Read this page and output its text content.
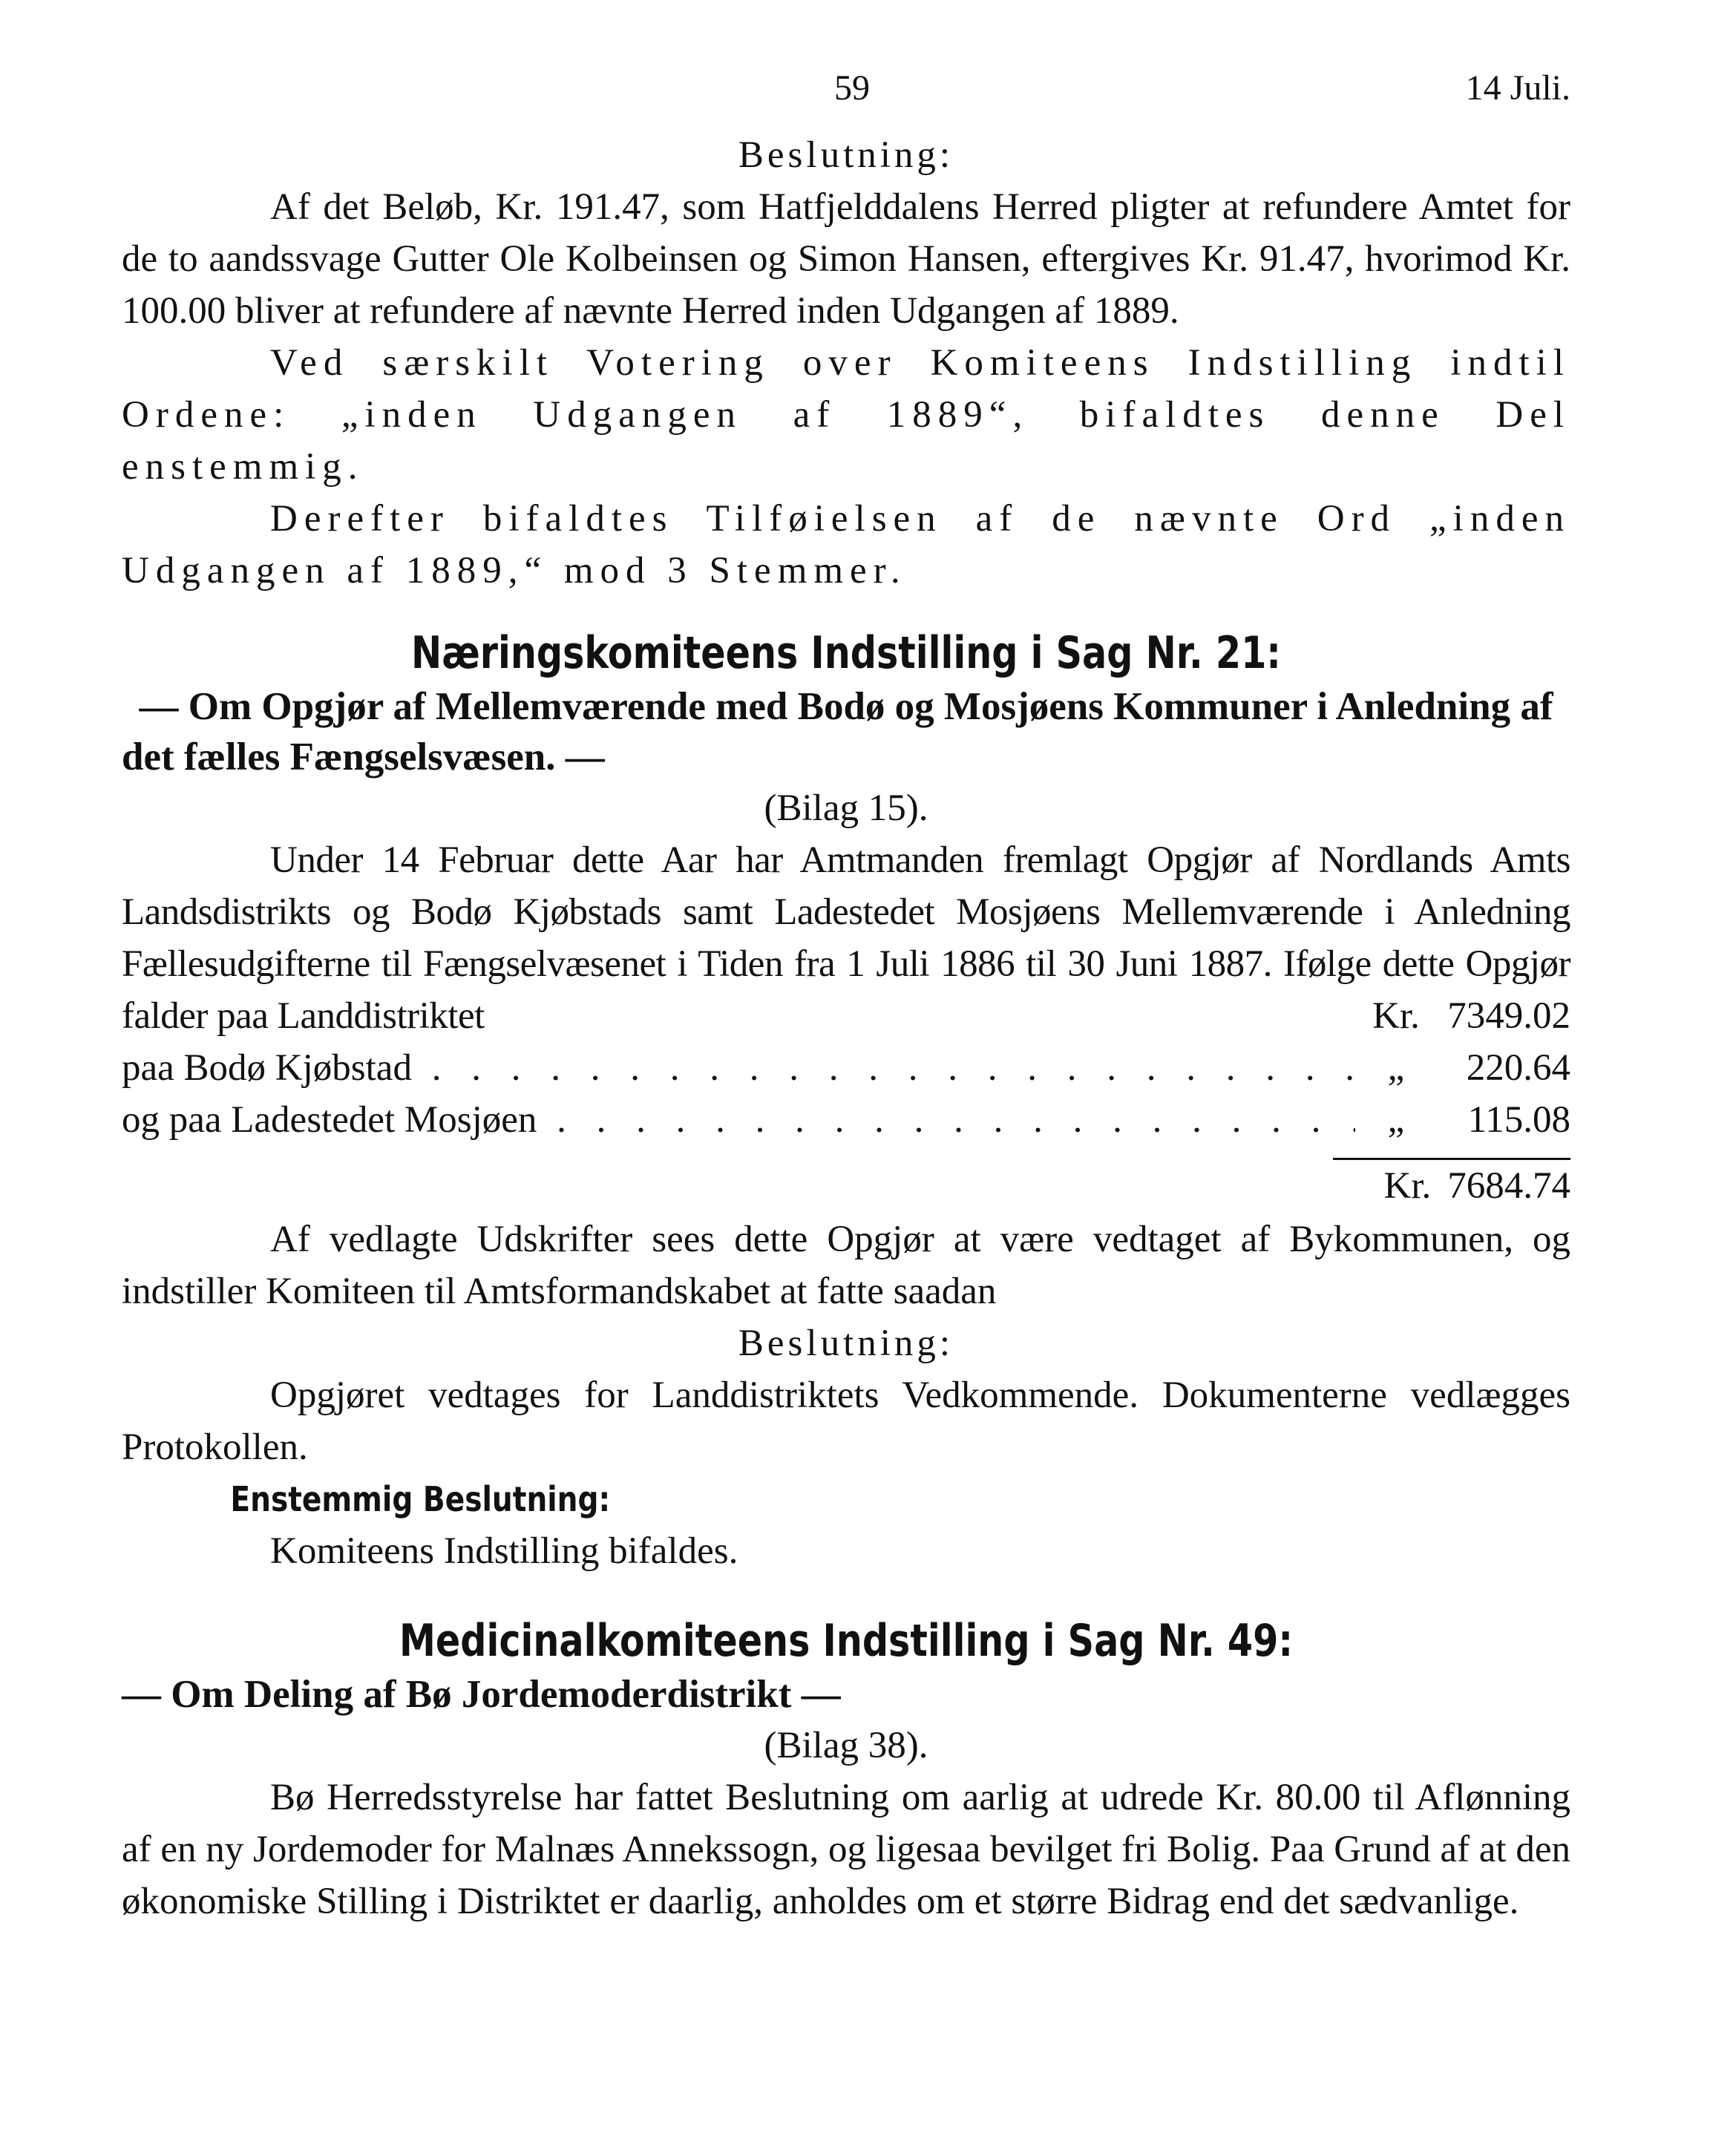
59	14 Juli.

Beslutning:

Af det Beløb, Kr. 191.47, som Hatfjelddalens Herred pligter at refundere Amtet for de to aandssvage Gutter Ole Kolbeinsen og Simon Hansen, eftergives Kr. 91.47, hvorimod Kr. 100.00 bliver at refundere af nævnte Herred inden Udgangen af 1889.

Ved særskilt Votering over Komiteens Indstilling indtil Ordene: „inden Udgangen af 1889“, bifaldtes denne Del enstemmig.

Derefter bifaldtes Tilføielsen af de nævnte Ord „inden Udgangen af 1889,“ mod 3 Stemmer.

Næringskomiteens Indstilling i Sag Nr. 21:

— Om Opgjør af Mellemværende med Bodø og Mosjøens Kommuner i Anledning af det fælles Fængselsvæsen. —

(Bilag 15).

Under 14 Februar dette Aar har Amtmanden fremlagt Opgjør af Nordlands Amts Landsdistrikts og Bodø Kjøbstads samt Ladestedet Mosjøens Mellemværende i Anledning Fællesudgifterne til Fængselvæsenet i Tiden fra 1 Juli 1886 til 30 Juni 1887. Ifølge dette Opgjør falder paa Landdistriktet	Kr. 7349.02
paa Bodø Kjøbstad . . .	„	220.64
og paa Ladestedet Mosjøen . . .	„	115.08
Kr. 7684.74

Af vedlagte Udskrifter sees dette Opgjør at være vedtaget af Bykommunen, og indstiller Komiteen til Amtsformandskabet at fatte saadan

Beslutning:

Opgjøret vedtages for Landdistriktets Vedkommende. Dokumenterne vedlægges Protokollen.

Enstemmig Beslutning:

Komiteens Indstilling bifaldes.

Medicinalkomiteens Indstilling i Sag Nr. 49:

— Om Deling af Bø Jordemoderdistrikt —

(Bilag 38).

Bø Herredsstyrelse har fattet Beslutning om aarlig at udrede Kr. 80.00 til Aflønning af en ny Jordemoder for Malnæs Annekssogn, og ligesaa bevilget fri Bolig. Paa Grund af at den økonomiske Stilling i Distriktet er daarlig, anholdes om et større Bidrag end det sædvanlige.
